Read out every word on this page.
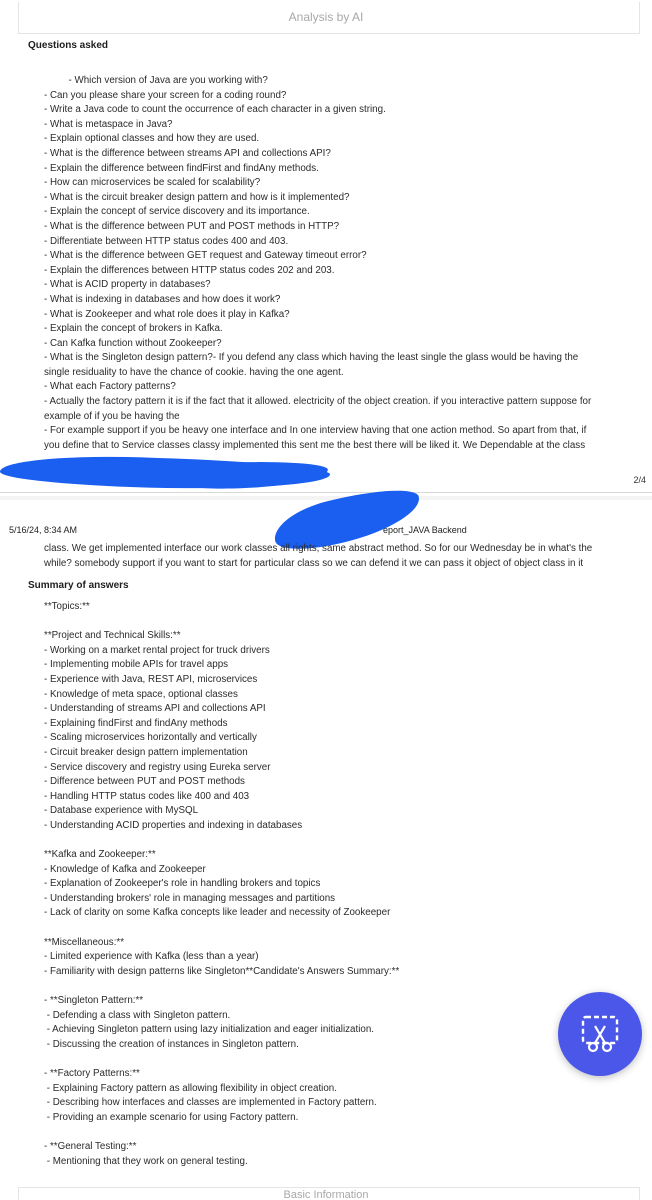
Analysis by AI
Questions asked
- Which version of Java are you working with?
- Can you please share your screen for a coding round?
- Write a Java code to count the occurrence of each character in a given string.
- What is metaspace in Java?
- Explain optional classes and how they are used.
- What is the difference between streams API and collections API?
- Explain the difference between findFirst and findAny methods.
- How can microservices be scaled for scalability?
- What is the circuit breaker design pattern and how is it implemented?
- Explain the concept of service discovery and its importance.
- What is the difference between PUT and POST methods in HTTP?
- Differentiate between HTTP status codes 400 and 403.
- What is the difference between GET request and Gateway timeout error?
- Explain the differences between HTTP status codes 202 and 203.
- What is ACID property in databases?
- What is indexing in databases and how does it work?
- What is Zookeeper and what role does it play in Kafka?
- Explain the concept of brokers in Kafka.
- Can Kafka function without Zookeeper?
- What is the Singleton design pattern?- If you defend any class which having the least single the glass would be having the
single residuality to have the chance of cookie. having the one agent.
- What each Factory patterns?
- Actually the factory pattern it is if the fact that it allowed. electricity of the object creation. if you interactive pattern suppose for
example of if you be having the
- For example support if you be heavy one interface and In one interview having that one action method. So apart from that, if
you define that to Service classes classy implemented this sent me the best there will be liked it. We Dependable at the class
2/4
5/16/24, 8:34 AM	eport_JAVA Backend
class. We get implemented interface our work classes all rights, same abstract method. So for our Wednesday be in what's the
while? somebody support if you want to start for particular class so we can defend it we can pass it object of object class in it
Summary of answers
**Topics:**

**Project and Technical Skills:**
- Working on a market rental project for truck drivers
- Implementing mobile APIs for travel apps
- Experience with Java, REST API, microservices
- Knowledge of meta space, optional classes
- Understanding of streams API and collections API
- Explaining findFirst and findAny methods
- Scaling microservices horizontally and vertically
- Circuit breaker design pattern implementation
- Service discovery and registry using Eureka server
- Difference between PUT and POST methods
- Handling HTTP status codes like 400 and 403
- Database experience with MySQL
- Understanding ACID properties and indexing in databases

**Kafka and Zookeeper:**
- Knowledge of Kafka and Zookeeper
- Explanation of Zookeeper's role in handling brokers and topics
- Understanding brokers' role in managing messages and partitions
- Lack of clarity on some Kafka concepts like leader and necessity of Zookeeper

**Miscellaneous:**
- Limited experience with Kafka (less than a year)
- Familiarity with design patterns like Singleton**Candidate's Answers Summary:**

- **Singleton Pattern:**
- Defending a class with Singleton pattern.
- Achieving Singleton pattern using lazy initialization and eager initialization.
- Discussing the creation of instances in Singleton pattern.

- **Factory Patterns:**
- Explaining Factory pattern as allowing flexibility in object creation.
- Describing how interfaces and classes are implemented in Factory pattern.
- Providing an example scenario for using Factory pattern.

- **General Testing:**
- Mentioning that they work on general testing.
Basic Information
